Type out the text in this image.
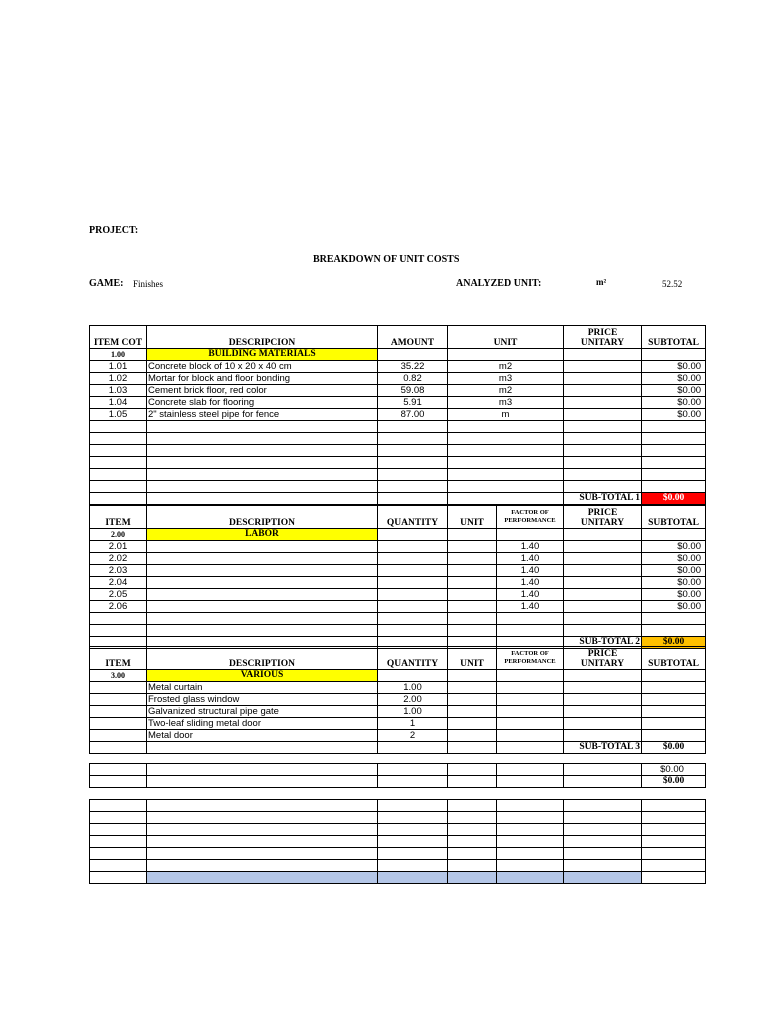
PROJECT:
BREAKDOWN OF UNIT COSTS
GAME: Finishes	ANALYZED UNIT:	m²	52.52
ITEM COT	DESCRIPCION	AMOUNT	UNIT	PRICE UNITARY	SUBTOTAL
1.00	BUILDING MATERIALS				
1.01	Concrete block of 10 x 20 x 40 cm	35.22	m2		$0.00
1.02	Mortar for block and floor bonding	0.82	m3		$0.00
1.03	Cement brick floor, red color	59.08	m2		$0.00
1.04	Concrete slab for flooring	5.91	m3		$0.00
1.05	2" stainless steel pipe for fence	87.00	m		$0.00

				SUB-TOTAL 1	$0.00
ITEM	DESCRIPTION	QUANTITY	UNIT	FACTOR OF PERFORMANCE	PRICE UNITARY	SUBTOTAL
2.00	LABOR					
2.01				1.40		$0.00
2.02				1.40		$0.00
2.03				1.40		$0.00
2.04				1.40		$0.00
2.05				1.40		$0.00
2.06				1.40		$0.00

					SUB-TOTAL 2	$0.00
ITEM	DESCRIPTION	QUANTITY	UNIT	FACTOR OF PERFORMANCE	PRICE UNITARY	SUBTOTAL
3.00	VARIOUS					
	Metal curtain	1.00				
	Frosted glass window	2.00				
	Galvanized structural pipe gate	1.00				
	Two-leaf sliding metal door	1				
	Metal door	2				
					SUB-TOTAL 3	$0.00
						$0.00
						$0.00
